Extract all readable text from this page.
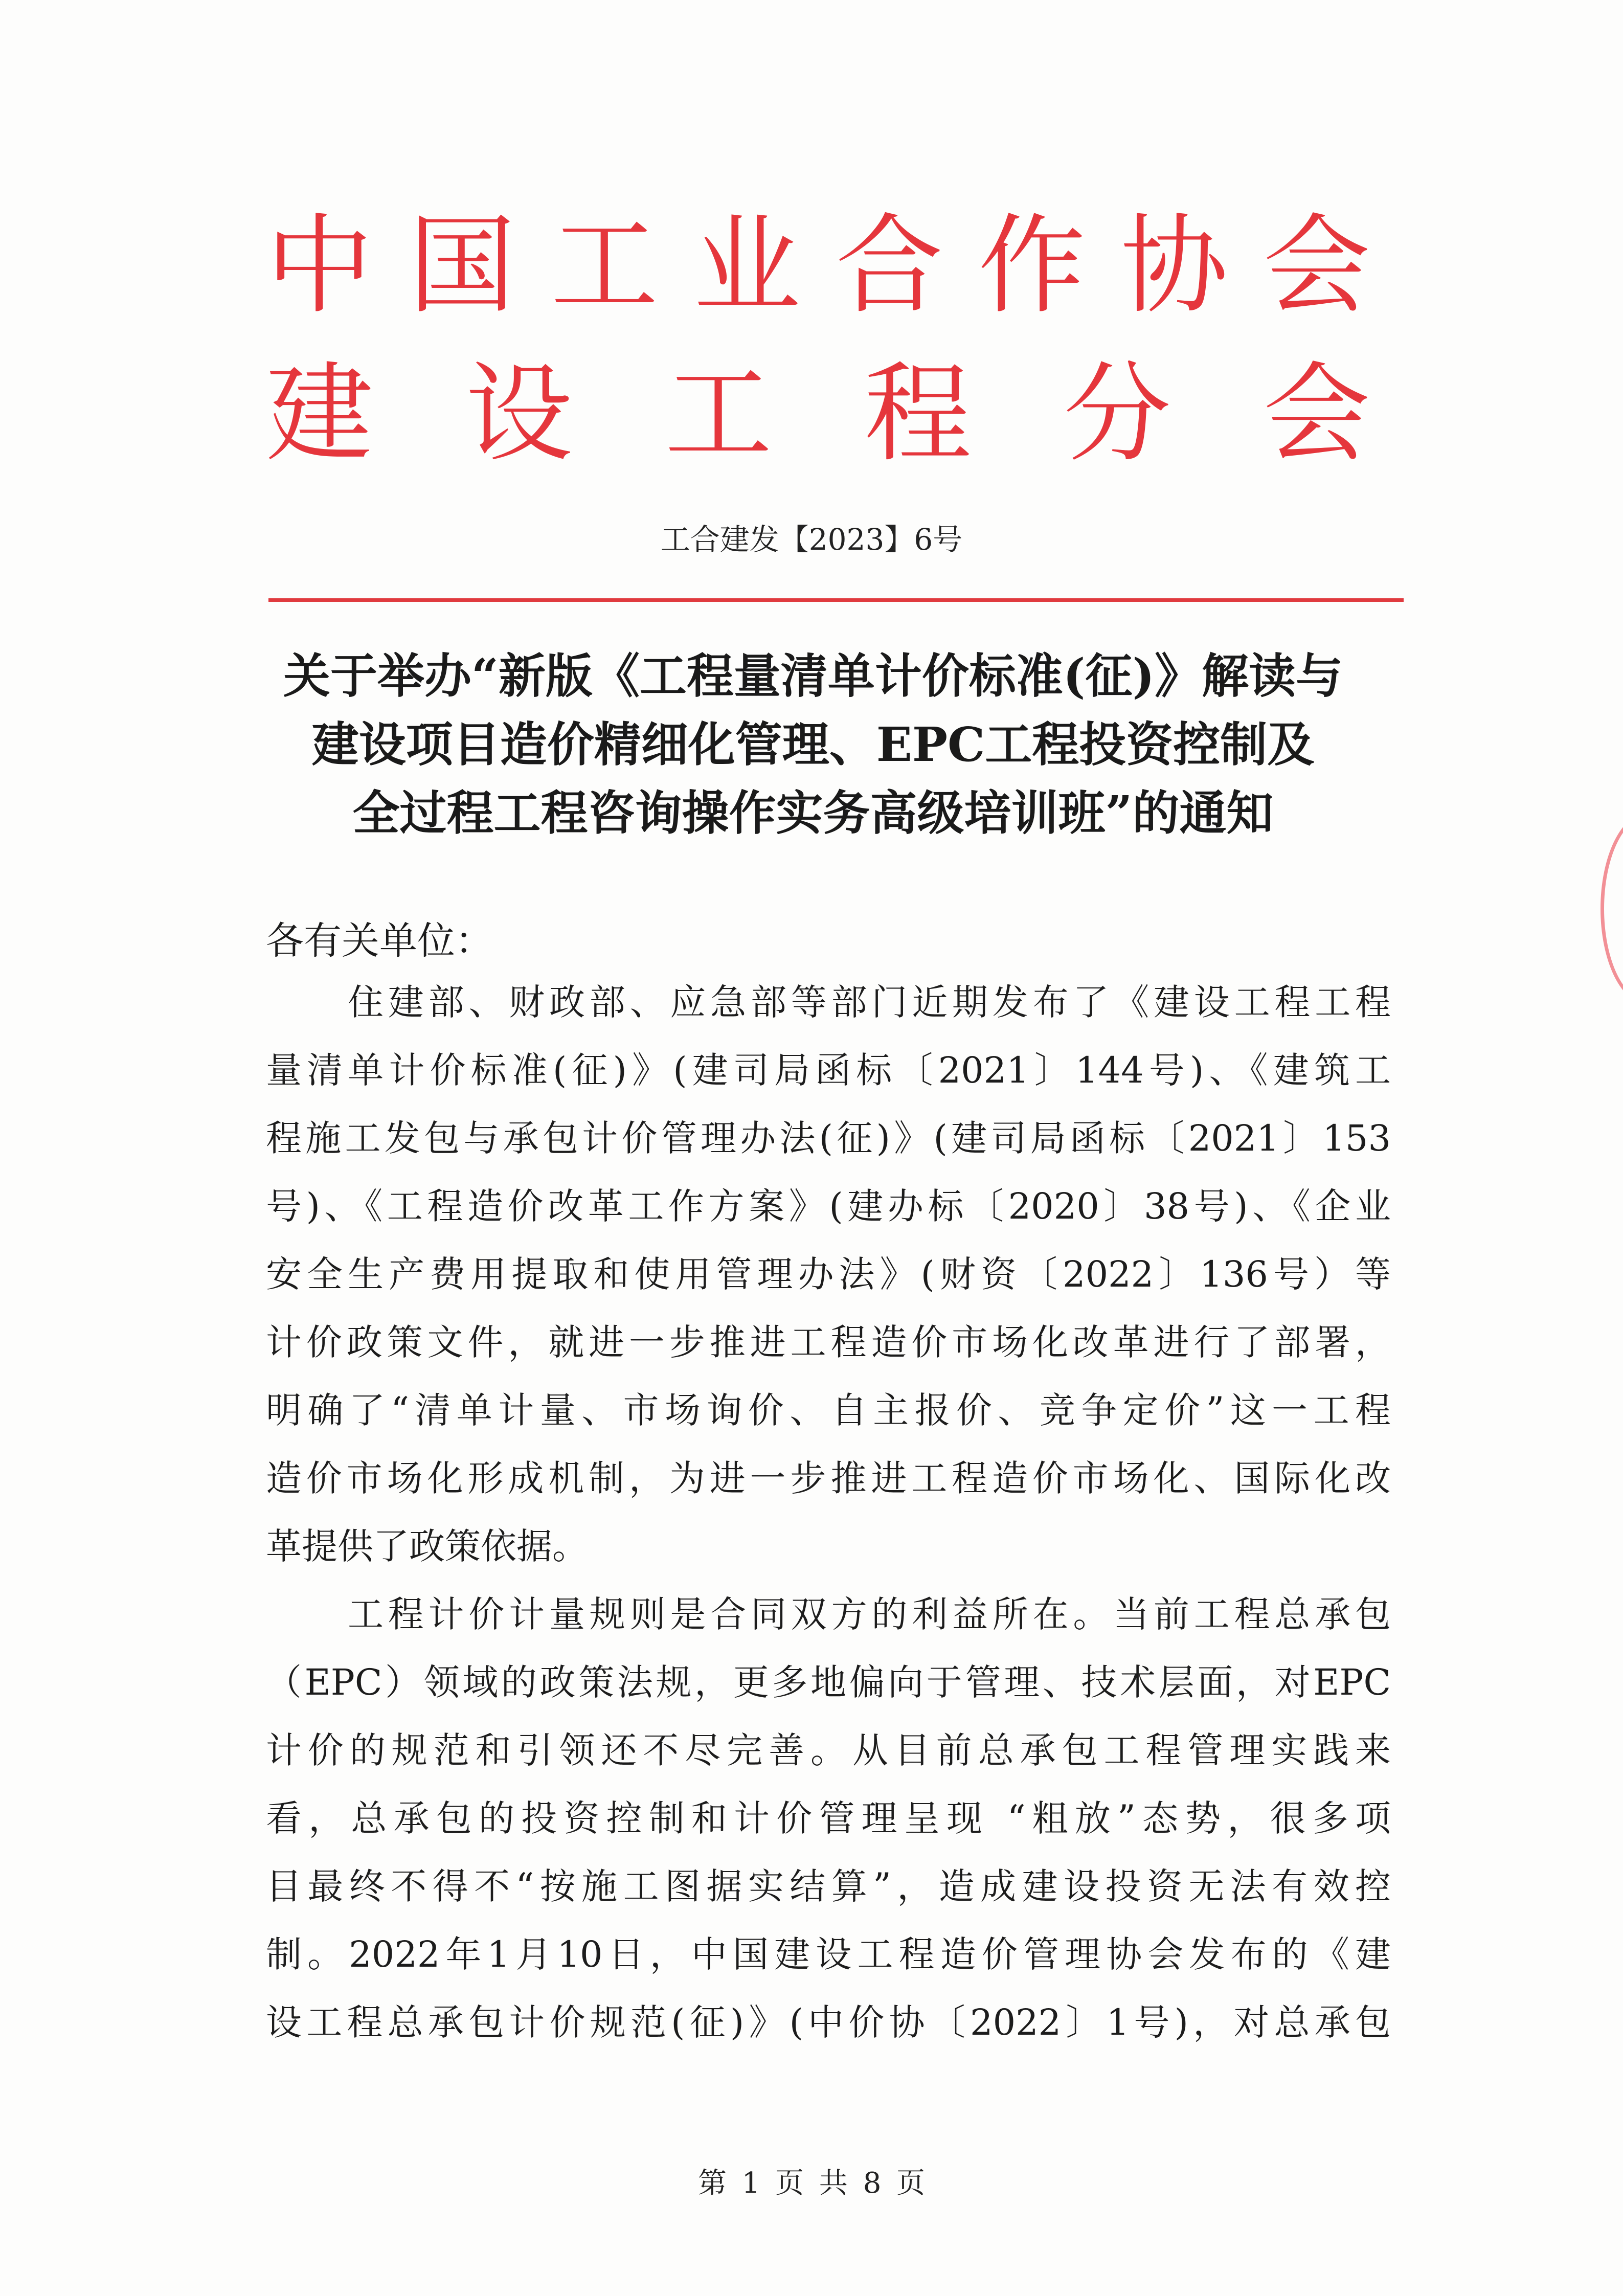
中国工业合作协会
建设工程分会
工合建发【2023】6号
关于举办“新版《工程量清单计价标准(征)》解读与
建设项目造价精细化管理、EPC工程投资控制及
全过程工程咨询操作实务高级培训班”的通知
各有关单位：
住建部、财政部、应急部等部门近期发布了《建设工程工程
量清单计价标准(征)》(建司局函标〔2021〕144号)、《建筑工
程施工发包与承包计价管理办法(征)》(建司局函标〔2021〕153
号)、《工程造价改革工作方案》(建办标〔2020〕38号)、《企业
安全生产费用提取和使用管理办法》(财资〔2022〕136号）等
计价政策文件，就进一步推进工程造价市场化改革进行了部署，
明确了“清单计量、市场询价、自主报价、竞争定价”这一工程
造价市场化形成机制，为进一步推进工程造价市场化、国际化改
革提供了政策依据。
工程计价计量规则是合同双方的利益所在。当前工程总承包
（EPC）领域的政策法规，更多地偏向于管理、技术层面，对EPC
计价的规范和引领还不尽完善。从目前总承包工程管理实践来
看，总承包的投资控制和计价管理呈现 “粗放”态势，很多项
目最终不得不“按施工图据实结算”，造成建设投资无法有效控
制。2022年1月10日，中国建设工程造价管理协会发布的《建
设工程总承包计价规范(征)》(中价协〔2022〕1号)，对总承包
第 1 页 共 8 页
